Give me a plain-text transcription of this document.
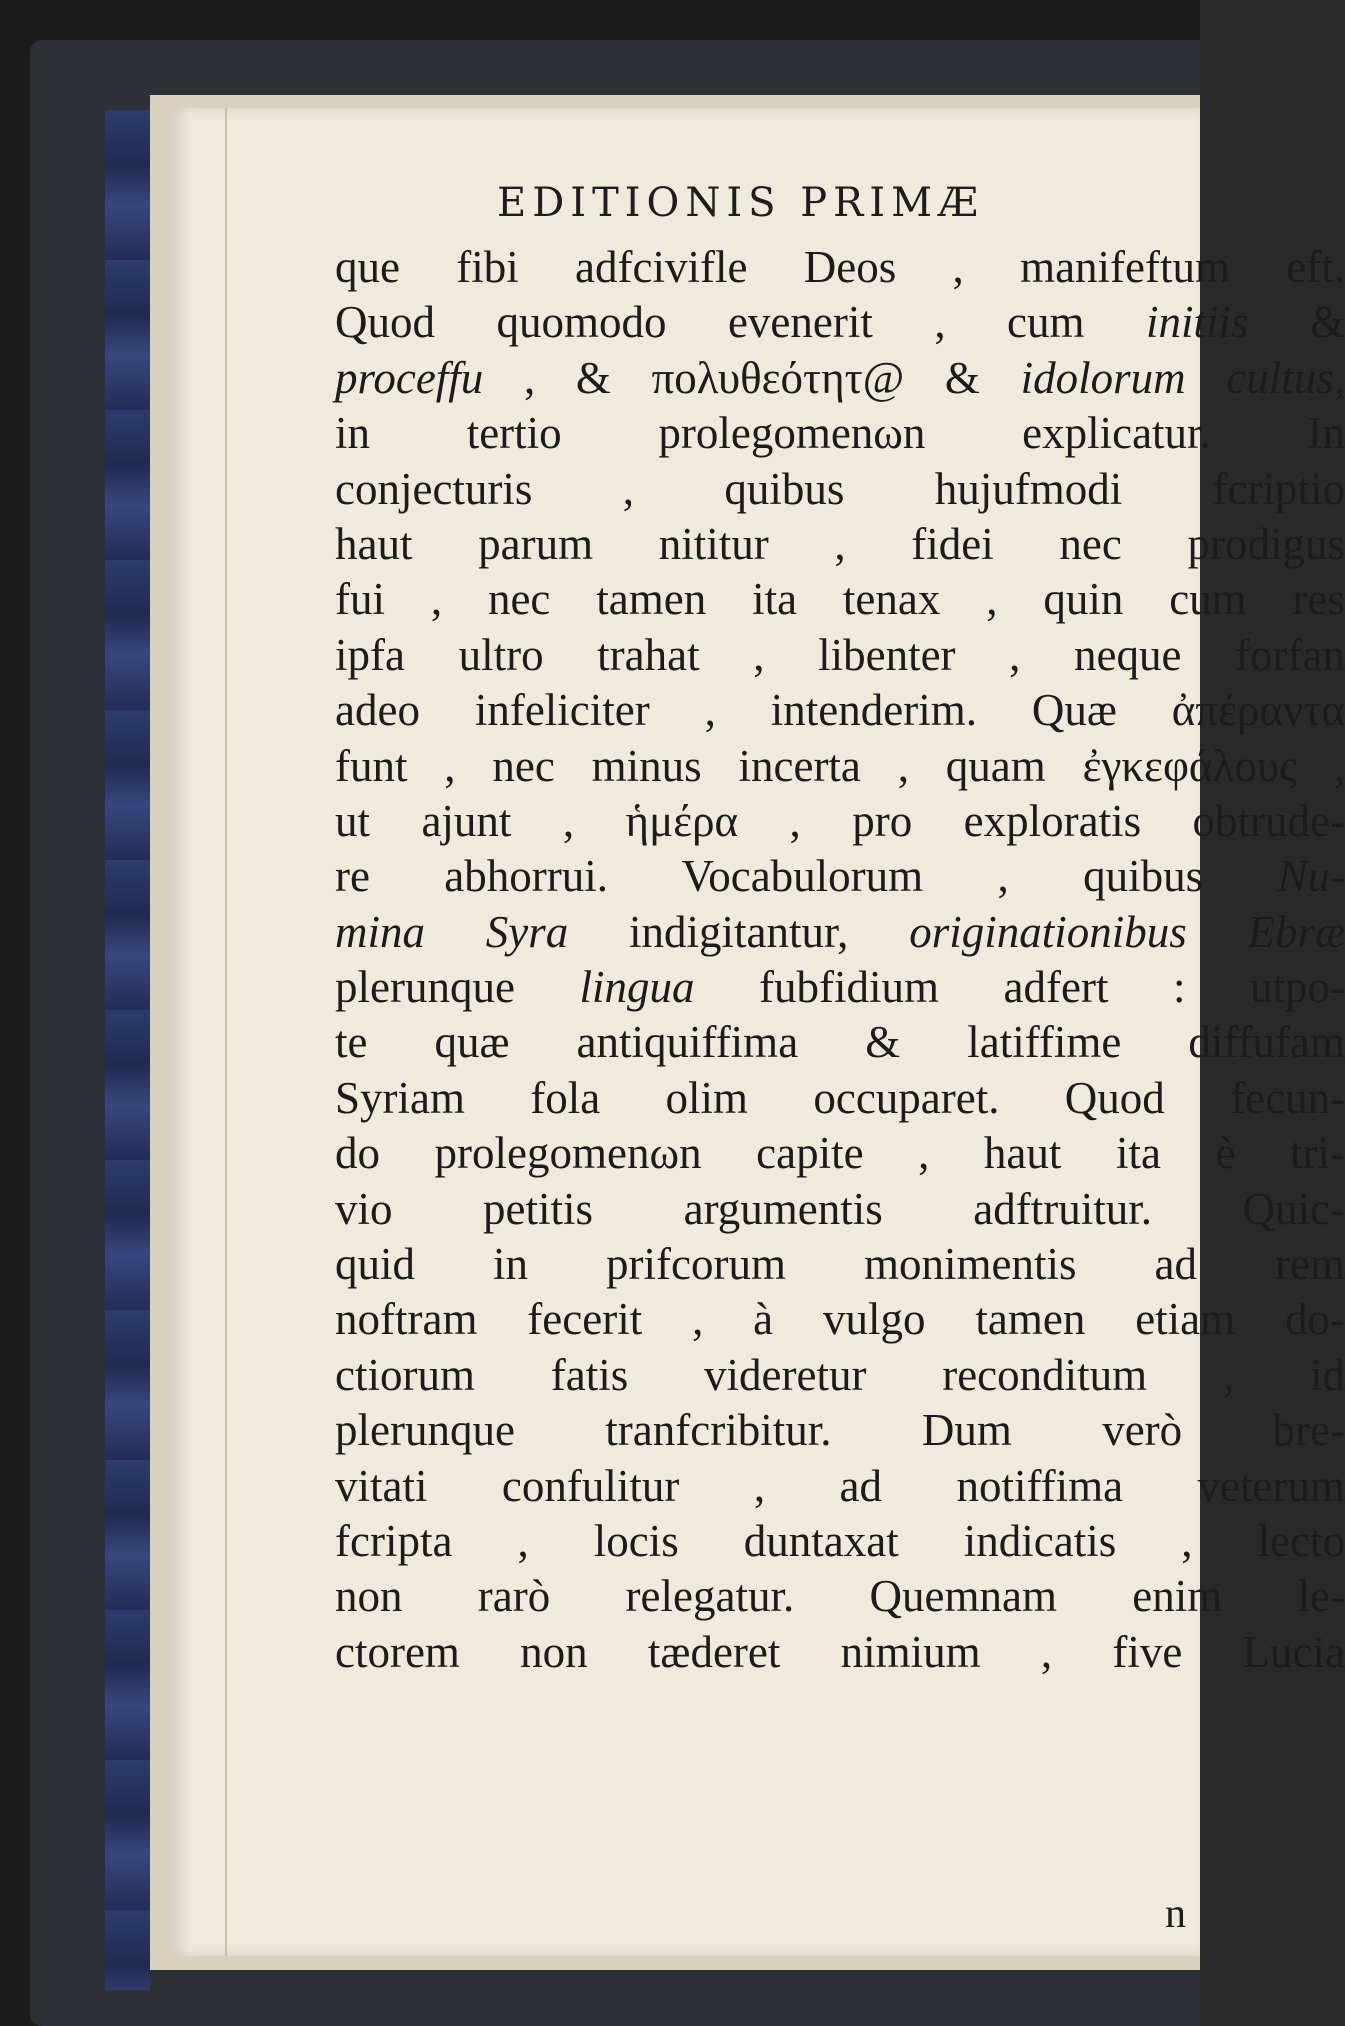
EDITIONIS PRIMÆ
que fibi adfcivifle Deos , manifeftum eft.
Quod quomodo evenerit , cum initiis &
proceffu , & πολυθεότητ@ & idolorum cultus,
in tertio prolegomenωn explicatur. In
conjecturis , quibus hujufmodi fcriptio
haut parum nititur , fidei nec prodigus
fui , nec tamen ita tenax , quin cum res
ipfa ultro trahat , libenter , neque forfan
adeo infeliciter , intenderim. Quæ ἀπέραντα
funt , nec minus incerta , quam ἐγκεφάλους ,
ut ajunt , ἡμέρα , pro exploratis obtrude-
re abhorrui. Vocabulorum , quibus Nu-
mina Syra indigitantur, originationibus Ebræ
plerunque lingua fubfidium adfert : utpo-
te quæ antiquiffima & latiffime diffufam
Syriam fola olim occuparet. Quod fecun-
do prolegomenωn capite , haut ita è tri-
vio petitis argumentis adftruitur. Quic-
quid in prifcorum monimentis ad rem
noftram fecerit , à vulgo tamen etiam do-
ctiorum fatis videretur reconditum , id
plerunque tranfcribitur. Dum verò bre-
vitati confulitur , ad notiffima veterum
fcripta , locis duntaxat indicatis , lecto
non rarò relegatur. Quemnam enim le-
ctorem non tæderet nimium , five Lucia
n
